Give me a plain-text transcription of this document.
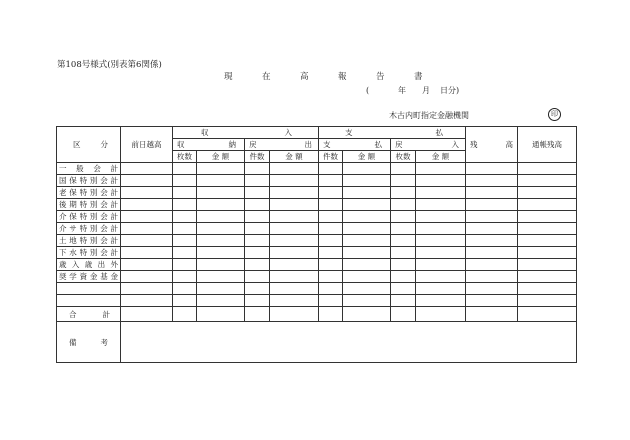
第108号様式(別表第6関係)
現	在	高	報	告	書
(	年 月 日分)
木古内町指定金融機関	印
区 分	前日越高	収 入				支 払				残 高	通帳残高

		収 納		戻 出		支 払		戻 入			

		枚数	金 額	件数	金 額	件数	金 額	枚数	金 額		
一般会計											
国保特別会計											
老保特別会計											
後期特別会計											
介保特別会計											
介サ特別会計											
土地特別会計											
下水特別会計											
歳入歳出外											
奨学資金基金											

合 計											

備 考											
